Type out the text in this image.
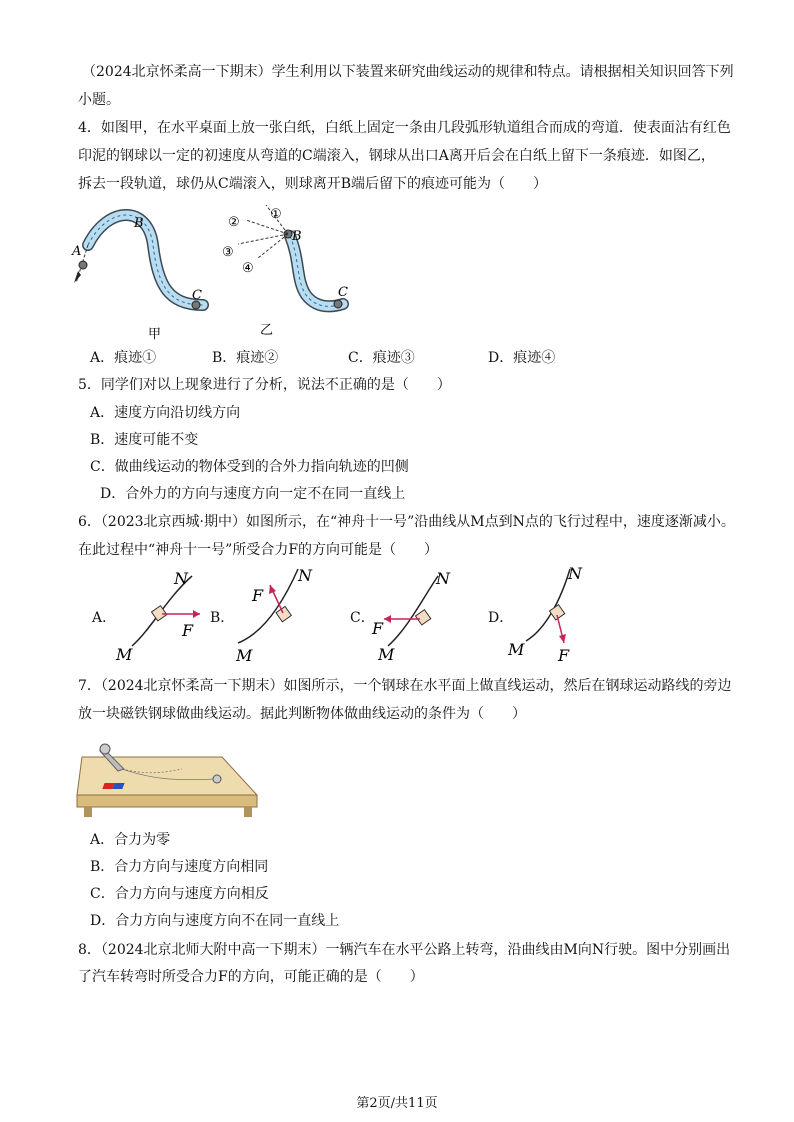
（2024北京怀柔高一下期末）学生利用以下装置来研究曲线运动的规律和特点。请根据相关知识回答下列
小题。
4．如图甲，在水平桌面上放一张白纸，白纸上固定一条由几段弧形轨道组合而成的弯道．使表面沾有红色
印泥的钢球以一定的初速度从弯道的C端滚入，钢球从出口A离开后会在白纸上留下一条痕迹．如图乙，
拆去一段轨道，球仍从C端滚入，则球离开B端后留下的痕迹可能为（　　）
A
B
C
甲
①
②
③
④
B
C
乙
A．痕迹①	B．痕迹②	C．痕迹③	D．痕迹④
5．同学们对以上现象进行了分析，说法不正确的是（　　）
A．速度方向沿切线方向
B．速度可能不变
C．做曲线运动的物体受到的合外力指向轨迹的凹侧
D．合外力的方向与速度方向一定不在同一直线上
6．（2023北京西城·期中）如图所示，在“神舟十一号”沿曲线从M点到N点的飞行过程中，速度逐渐减小。
在此过程中“神舟十一号”所受合力F的方向可能是（　　）
A．
N
M
F
B．
N
M
F
C．
N
M
F
D．
N
M F
7．（2024北京怀柔高一下期末）如图所示，一个钢球在水平面上做直线运动，然后在钢球运动路线的旁边
放一块磁铁钢球做曲线运动。据此判断物体做曲线运动的条件为（　　）
A．合力为零
B．合力方向与速度方向相同
C．合力方向与速度方向相反
D．合力方向与速度方向不在同一直线上
8．（2024北京北师大附中高一下期末）一辆汽车在水平公路上转弯，沿曲线由M向N行驶。图中分别画出
了汽车转弯时所受合力F的方向，可能正确的是（　　）
第2页/共11页
